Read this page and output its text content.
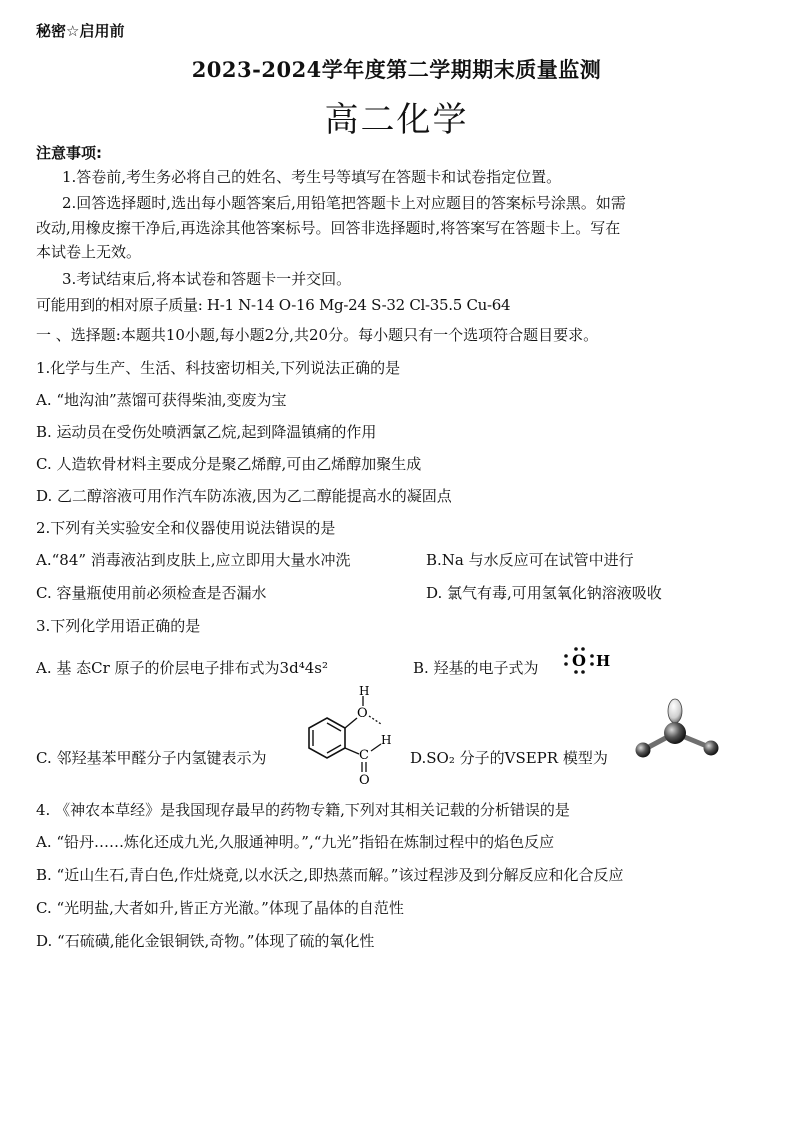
秘密☆启用前
2023-2024学年度第二学期期末质量监测
高二化学
注意事项:
1.答卷前,考生务必将自己的姓名、考生号等填写在答题卡和试卷指定位置。
2.回答选择题时,选出每小题答案后,用铅笔把答题卡上对应题目的答案标号涂黑。如需
改动,用橡皮擦干净后,再选涂其他答案标号。回答非选择题时,将答案写在答题卡上。写在
本试卷上无效。
3.考试结束后,将本试卷和答题卡一并交回。
可能用到的相对原子质量: H-1 N-14 O-16 Mg-24 S-32 Cl-35.5 Cu-64
一 、选择题:本题共10小题,每小题2分,共20分。每小题只有一个选项符合题目要求。
1.化学与生产、生活、科技密切相关,下列说法正确的是
A. “地沟油”蒸馏可获得柴油,变废为宝
B. 运动员在受伤处喷洒氯乙烷,起到降温镇痛的作用
C. 人造软骨材料主要成分是聚乙烯醇,可由乙烯醇加聚生成
D. 乙二醇溶液可用作汽车防冻液,因为乙二醇能提高水的凝固点
2.下列有关实验安全和仪器使用说法错误的是
A.“84” 消毒液沾到皮肤上,应立即用大量水冲洗	B.Na 与水反应可在试管中进行
C. 容量瓶使用前必须检查是否漏水	D. 氯气有毒,可用氢氧化钠溶液吸收
3.下列化学用语正确的是
A. 基 态Cr 原子的价层电子排布式为3d⁴4s²	B. 羟基的电子式为 O H
C. 邻羟基苯甲醛分子内氢键表示为
O
H
C
H
O
D.SO₂ 分子的VSEPR 模型为
4. 《神农本草经》是我国现存最早的药物专籍,下列对其相关记载的分析错误的是
A. “铅丹……炼化还成九光,久服通神明。”,“九光”指铅在炼制过程中的焰色反应
B. “近山生石,青白色,作灶烧竟,以水沃之,即热蒸而解。”该过程涉及到分解反应和化合反应
C. “光明盐,大者如升,皆正方光澈。”体现了晶体的自范性
D. “石硫磺,能化金银铜铁,奇物。”体现了硫的氧化性
